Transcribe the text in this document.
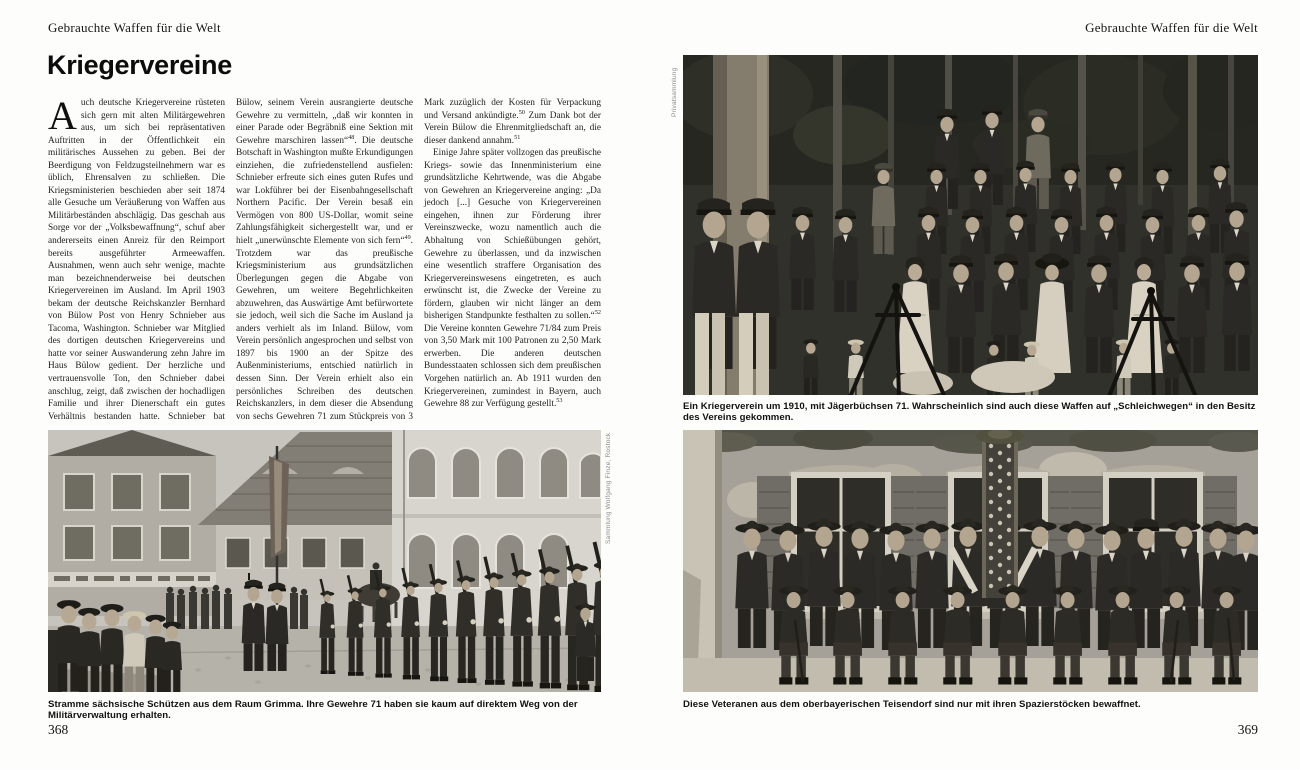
Gebrauchte Waffen für die Welt
Kriegervereine
A uch deutsche Kriegervereine rüsteten sich gern mit alten Militärgewehren aus, um sich bei repräsentativen Auftritten in der Öffentlichkeit ein militärisches Aussehen zu geben. Bei der Beerdigung von Feldzugsteilnehmern war es üblich, Ehrensalven zu schließen. Die Kriegsministerien beschieden aber seit 1874 alle Gesuche um Veräußerung von Waffen aus Militärbeständen abschlägig. Das geschah aus Sorge vor der „Volksbewaffnung“, schuf aber andererseits einen Anreiz für den Reimport bereits ausgeführter Armeewaffen. Ausnahmen, wenn auch sehr wenige, machte man bezeichnenderweise bei deutschen Kriegervereinen im Ausland. Im April 1903 bekam der deutsche Reichskanzler Bernhard von Bülow Post von Henry Schnieber aus Tacoma, Washington. Schnieber war Mitglied des dortigen deutschen Kriegervereins und hatte vor seiner Auswanderung zehn Jahre im Haus Bülow gedient. Der herzliche und vertrauensvolle Ton, den Schnieber dabei anschlug, zeigt, daß zwischen der hochadligen Familie und ihrer Dienerschaft ein gutes Verhältnis bestanden hatte. Schnieber bat Bülow, seinem Verein ausrangierte deutsche Gewehre zu vermitteln, „daß wir konnten in einer Parade oder Begräbniß eine Sektion mit Gewehre marschiren lassen“$^{48}$. Die deutsche Botschaft in Washington mußte Erkundigungen einziehen, die zufriedenstellend ausfielen: Schnieber erfreute sich eines guten Rufes und war Lokführer bei der Eisenbahngesellschaft Northern Pacific. Der Verein besaß ein Vermögen von 800 US-Dollar, womit seine Zahlungsfähigkeit sichergestellt war, und er hielt „unerwünschte Elemente von sich fern“$^{49}$. Trotzdem war das preußische Kriegsministerium aus grundsätzlichen Überlegungen gegen die Abgabe von Gewehren, um weitere Begehrlichkeiten abzuwehren, das Auswärtige Amt befürwortete sie jedoch, weil sich die Sache im Ausland ja anders verhielt als im Inland. Bülow, vom Verein persönlich angesprochen und selbst von 1897 bis 1900 an der Spitze des Außenministeriums, entschied natürlich in dessen Sinn. Der Verein erhielt also ein persönliches Schreiben des deutschen Reichskanzlers, in dem dieser die Absendung von sechs Gewehren 71 zum Stückpreis von 3 Mark zuzüglich der Kosten für Verpackung und Versand ankündigte.$^{50}$ Zum Dank bot der Verein Bülow die Ehrenmitgliedschaft an, die dieser dankend annahm.$^{51}$

Einige Jahre später vollzogen das preußische Kriegs- sowie das Innenministerium eine grundsätzliche Kehrtwende, was die Abgabe von Gewehren an Kriegervereine anging: „Da jedoch [...] Gesuche von Kriegervereinen eingehen, ihnen zur Förderung ihrer Vereinszwecke, wozu namentlich auch die Abhaltung von Schießübungen gehört, Gewehre zu überlassen, und da inzwischen eine wesentlich straffere Organisation des Kriegervereinswesens eingetreten, es auch erwünscht ist, die Zwecke der Vereine zu fördern, glauben wir nicht länger an dem bisherigen Standpunkte festhalten zu sollen.“$^{52}$ Die Vereine konnten Gewehre 71/84 zum Preis von 3,50 Mark mit 100 Patronen zu 2,50 Mark erwerben. Die anderen deutschen Bundesstaaten schlossen sich dem preußischen Vorgehen natürlich an. Ab 1911 wurden den Kriegervereinen, zumindest in Bayern, auch Gewehre 88 zur Verfügung gestellt.$^{53}$

Sammlung Wolfgang Finze, Rostock
Stramme sächsische Schützen aus dem Raum Grimma. Ihre Gewehre 71 haben sie kaum auf direktem Weg von der Militärverwaltung erhalten.
368
Gebrauchte Waffen für die Welt
Privatsammlung
Ein Kriegerverein um 1910, mit Jägerbüchsen 71. Wahrscheinlich sind auch diese Waffen auf „Schleichwegen“ in den Besitz des Vereins gekommen.
Diese Veteranen aus dem oberbayerischen Teisendorf sind nur mit ihren Spazierstöcken bewaffnet.
369
